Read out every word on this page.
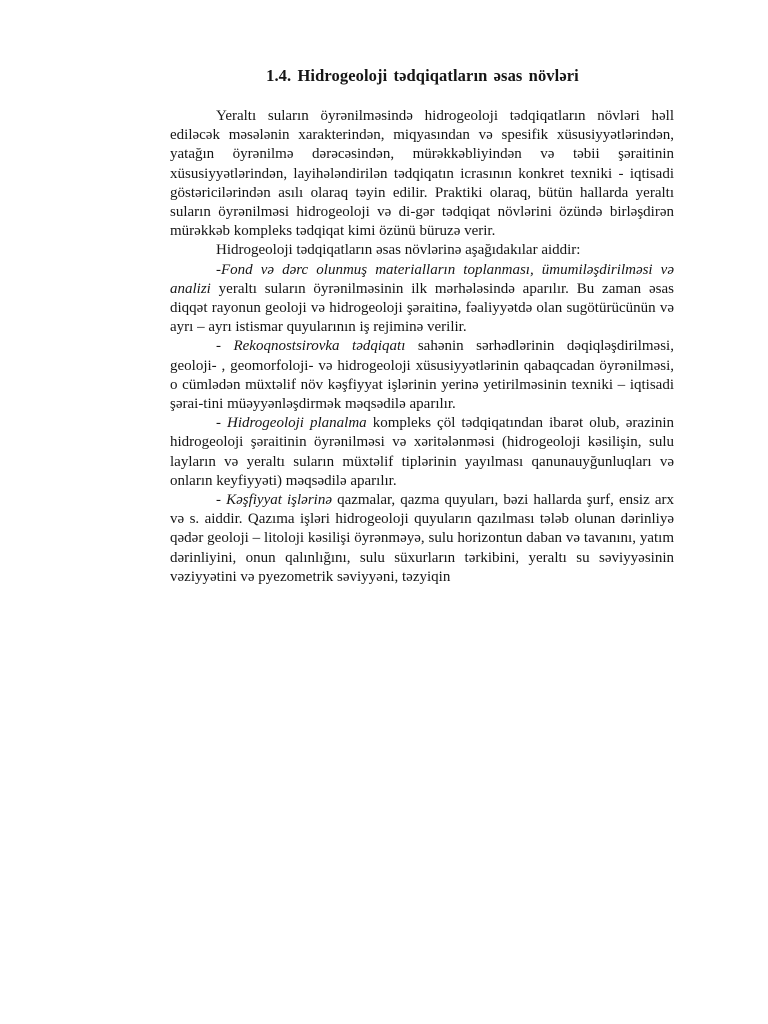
1.4. Hidrogeoloji tədqiqatların əsas növləri

Yeraltı suların öyrənilməsində hidrogeoloji tədqiqatların növləri həll ediləcək məsələnin xarakterindən, miqyasından və spesifik xüsusiyyətlərindən, yatağın öyrənilmə dərəcəsindən, mürəkkəbliyindən və təbii şəraitinin xüsusiyyətlərindən, layihələndirilən tədqiqatın icrasının konkret texniki - iqtisadi göstəricilərindən asılı olaraq təyin edilir. Praktiki olaraq, bütün hallarda yeraltı suların öyrənilməsi hidrogeoloji və di-gər tədqiqat növlərini özündə birləşdirən mürəkkəb kompleks tədqiqat kimi özünü büruzə verir.

Hidrogeoloji tədqiqatların əsas növlərinə aşağıdakılar aiddir:

-Fond və dərc olunmuş materialların toplanması, ümumiləşdirilməsi və analizi yeraltı suların öyrənilməsinin ilk mərhələsində aparılır. Bu zaman əsas diqqət rayonun geoloji və hidrogeoloji şəraitinə, fəaliyyətdə olan sugötürücünün və ayrı – ayrı istismar quyularının iş rejiminə verilir.

- Rekoqnostsirovka tədqiqatı sahənin sərhədlərinin dəqiqləşdirilməsi, geoloji- , geomorfoloji- və hidrogeoloji xüsusiyyətlərinin qabaqcadan öyrənilməsi, o cümlədən müxtəlif növ kəşfiyyat işlərinin yerinə yetirilməsinin texniki – iqtisadi şərai-tini müəyyənləşdirmək məqsədilə aparılır.

- Hidrogeoloji planalma kompleks çöl tədqiqatından ibarət olub, ərazinin hidrogeoloji şəraitinin öyrənilməsi və xəritələnməsi (hidrogeoloji kəsilişin, sulu layların və yeraltı suların müxtəlif tiplərinin yayılması qanunauyğunluqları və onların keyfiyyəti) məqsədilə aparılır.

- Kəşfiyyat işlərinə qazmalar, qazma quyuları, bəzi hallarda şurf, ensiz arx və s. aiddir. Qazıma işləri hidrogeoloji quyuların qazılması tələb olunan dərinliyə qədər geoloji – litoloji kəsilişi öyrənməyə, sulu horizontun daban və tavanını, yatım dərinliyini, onun qalınlığını, sulu süxurların tərkibini, yeraltı su səviyyəsinin vəziyyətini və pyezometrik səviyyəni, təzyiqin
